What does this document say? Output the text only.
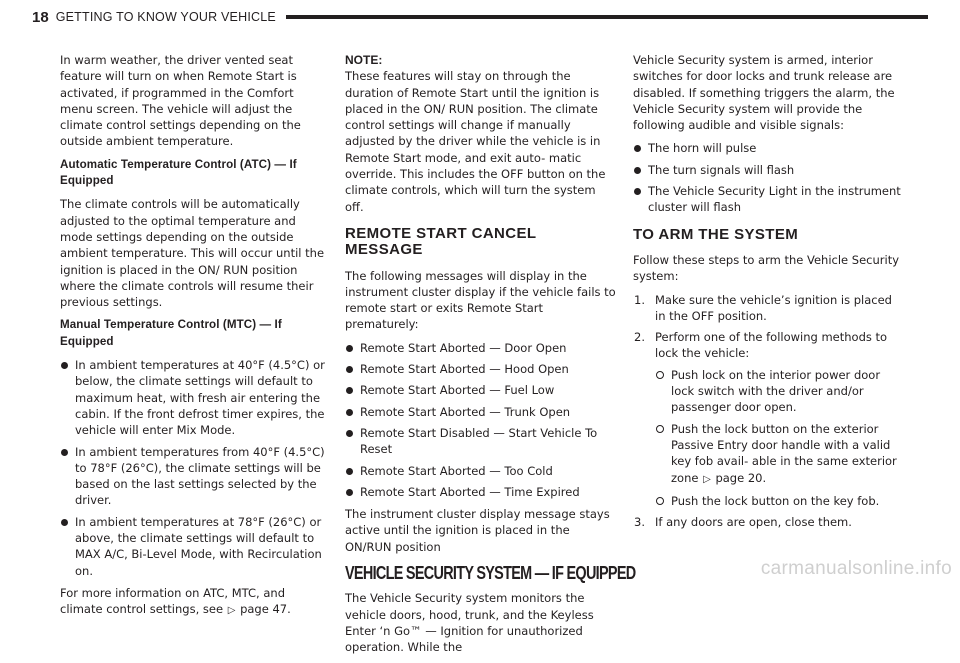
18 GETTING TO KNOW YOUR VEHICLE

In warm weather, the driver vented seat feature will turn on when Remote Start is activated, if programmed in the Comfort menu screen. The vehicle will adjust the climate control settings depending on the outside ambient temperature.

Automatic Temperature Control (ATC) — If Equipped

The climate controls will be automatically adjusted to the optimal temperature and mode settings depending on the outside ambient temperature. This will occur until the ignition is placed in the ON/ RUN position where the climate controls will resume their previous settings.

Manual Temperature Control (MTC) — If Equipped
In ambient temperatures at 40°F (4.5°C) or below, the climate settings will default to maximum heat, with fresh air entering the cabin. If the front defrost timer expires, the vehicle will enter Mix Mode.
In ambient temperatures from 40°F (4.5°C) to 78°F (26°C), the climate settings will be based on the last settings selected by the driver.
In ambient temperatures at 78°F (26°C) or above, the climate settings will default to MAX A/C, Bi-Level Mode, with Recirculation on.

For more information on ATC, MTC, and climate control settings, see ▷ page 47.

NOTE:

These features will stay on through the duration of Remote Start until the ignition is placed in the ON/ RUN position. The climate control settings will change if manually adjusted by the driver while the vehicle is in Remote Start mode, and exit auto- matic override. This includes the OFF button on the climate controls, which will turn the system off.

REMOTE START CANCEL MESSAGE

The following messages will display in the instrument cluster display if the vehicle fails to remote start or exits Remote Start prematurely:

Remote Start Aborted — Door Open
Remote Start Aborted — Hood Open
Remote Start Aborted — Fuel Low
Remote Start Aborted — Trunk Open
Remote Start Disabled — Start Vehicle To Reset
Remote Start Aborted — Too Cold
Remote Start Aborted — Time Expired

The instrument cluster display message stays active until the ignition is placed in the ON/RUN position

VEHICLE SECURITY SYSTEM — IF EQUIPPED

The Vehicle Security system monitors the vehicle doors, hood, trunk, and the Keyless Enter ‘n Go™ — Ignition for unauthorized operation. While the

Vehicle Security system is armed, interior switches for door locks and trunk release are disabled. If something triggers the alarm, the Vehicle Security system will provide the following audible and visible signals:

The horn will pulse
The turn signals will flash
The Vehicle Security Light in the instrument cluster will flash
TO ARM THE SYSTEM

Follow these steps to arm the Vehicle Security system:

1. Make sure the vehicle’s ignition is placed in the OFF position.
2. Perform one of the following methods to lock the vehicle:
Push lock on the interior power door lock switch with the driver and/or passenger door open.
Push the lock button on the exterior Passive Entry door handle with a valid key fob avail- able in the same exterior zone ▷ page 20.
Push the lock button on the key fob.
3. If any doors are open, close them.
carmanualsonline.info
